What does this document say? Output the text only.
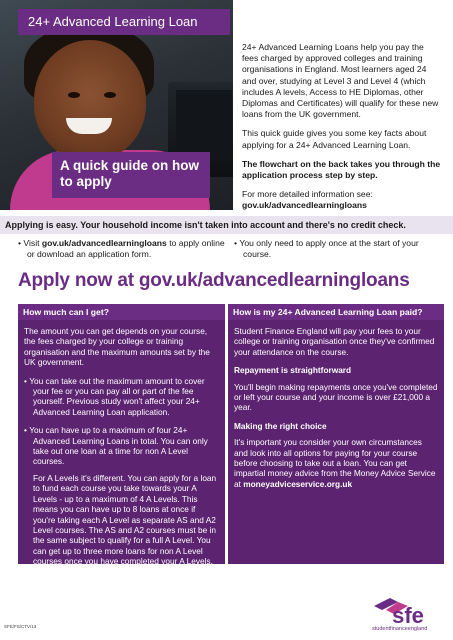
24+ Advanced Learning Loan
A quick guide on how to apply

24+ Advanced Learning Loans help you pay the fees charged by approved colleges and training organisations in England. Most learners aged 24 and over, studying at Level 3 and Level 4 (which includes A levels, Access to HE Diplomas, other Diplomas and Certificates) will qualify for these new loans from the UK government.

This quick guide gives you some key facts about applying for a 24+ Advanced Learning Loan.

The flowchart on the back takes you through the application process step by step.

For more detailed information see:

gov.uk/advancedlearningloans

Applying is easy. Your household income isn't taken into account and there's no credit check.
• Visit gov.uk/advancedlearningloans to apply online or download an application form.
• You only need to apply once at the start of your course.
Apply now at gov.uk/advancedlearningloans
How much can I get?

The amount you can get depends on your course, the fees charged by your college or training organisation and the maximum amounts set by the UK government.

• You can take out the maximum amount to cover your fee or you can pay all or part of the fee yourself. Previous study won't affect your 24+ Advanced Learning Loan application.
• You can have up to a maximum of four 24+ Advanced Learning Loans in total. You can only take out one loan at a time for non A Level courses.

For A Levels it's different. You can apply for a loan to fund each course you take towards your A Levels - up to a maximum of 4 A Levels. This means you can have up to 8 loans at once if you're taking each A Level as separate AS and A2 Level courses. The AS and A2 courses must be in the same subject to qualify for a full A Level. You can get up to three more loans for non A Level courses once you have completed your A Levels.

You must complete a separate application for each loan.

How is my 24+ Advanced Learning Loan paid?

Student Finance England will pay your fees to your college or training organisation once they've confirmed your attendance on the course.

Repayment is straightforward

You'll begin making repayments once you've completed or left your course and your income is over £21,000 a year.

Making the right choice

It's important you consider your own circumstances and look into all options for paying for your course before choosing to take out a loan. You can get impartial money advice from the Money Advice Service at moneyadviceservice.org.uk

SFE/FS/CTV/13	sfe
studentfinanceengland
